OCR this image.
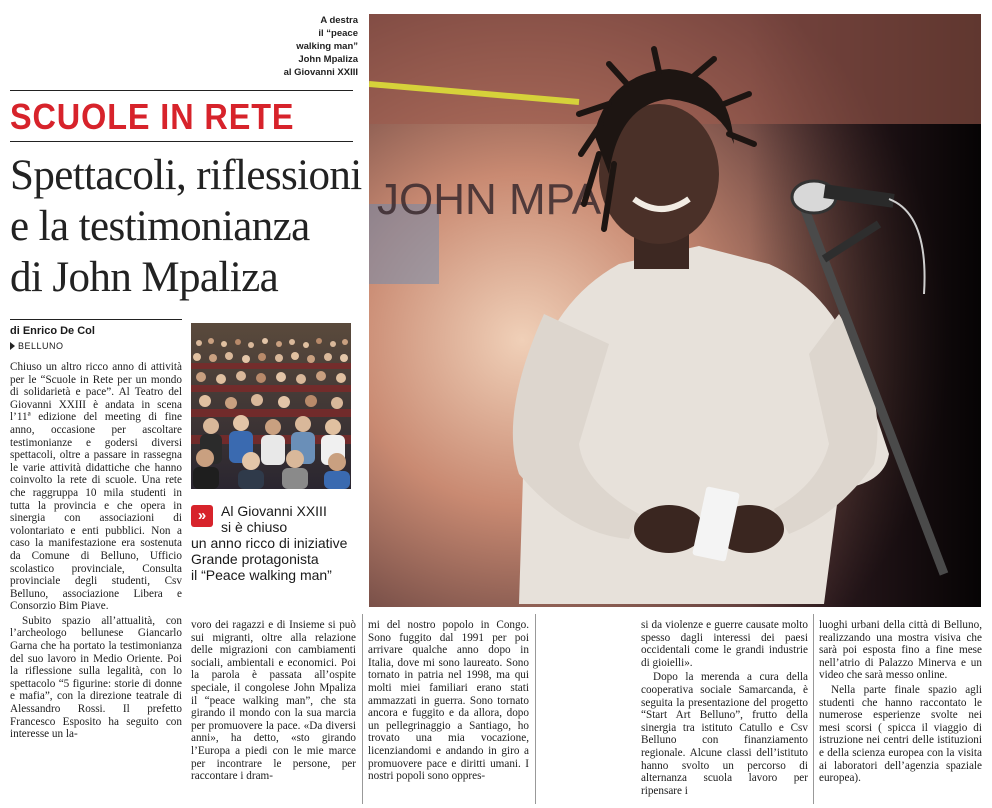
A destra
il “peace
walking man”
John Mpaliza
al Giovanni XXIII
SCUOLE IN RETE
Spettacoli, riflessioni
e la testimonianza
di John Mpaliza
di Enrico De Col
BELLUNO

Chiuso un altro ricco anno di attività per le “Scuole in Rete per un mondo di solidarietà e pace”. Al Teatro del Giovanni XXIII è andata in scena l’11ª edizione del meeting di fine anno, occasione per ascoltare testimonianze e godersi diversi spettacoli, oltre a passare in rassegna le varie attività didattiche che hanno coinvolto la rete di scuole. Una rete che raggruppa 10 mila studenti in tutta la provincia e che opera in sinergia con associazioni di volontariato e enti pubblici. Non a caso la manifestazione era sostenuta da Comune di Belluno, Ufficio scolastico provinciale, Consulta provinciale degli studenti, Csv Belluno, associazione Libera e Consorzio Bim Piave.

Subito spazio all’attualità, con l’archeologo bellunese Giancarlo Garna che ha portato la testimonianza del suo lavoro in Medio Oriente. Poi la riflessione sulla legalità, con lo spettacolo “5 figurine: storie di donne e mafia”, con la direzione teatrale di Alessandro Rossi. Il prefetto Francesco Esposito ha seguito con interesse un la-

»	Al Giovanni XXIII
si è chiuso
un anno ricco di iniziative
Grande protagonista
il “Peace walking man”
JOHN MPA

voro dei ragazzi e di Insieme si può sui migranti, oltre alla relazione delle migrazioni con cambiamenti sociali, ambientali e economici. Poi la parola è passata all’ospite speciale, il congolese John Mpaliza il “peace walking man”, che sta girando il mondo con la sua marcia per promuovere la pace. «Da diversi anni», ha detto, «sto girando l’Europa a piedi con le mie marce per incontrare le persone, per raccontare i dram-

mi del nostro popolo in Congo. Sono fuggito dal 1991 per poi arrivare qualche anno dopo in Italia, dove mi sono laureato. Sono tornato in patria nel 1998, ma qui molti miei familiari erano stati ammazzati in guerra. Sono tornato ancora e fuggito e da allora, dopo un pellegrinaggio a Santiago, ho trovato una mia vocazione, licenziandomi e andando in giro a promuovere pace e diritti umani. I nostri popoli sono oppres-

si da violenze e guerre causate molto spesso dagli interessi dei paesi occidentali come le grandi industrie di gioielli».

Dopo la merenda a cura della cooperativa sociale Samarcanda, è seguita la presentazione del progetto “Start Art Belluno”, frutto della sinergia tra istituto Catullo e Csv Belluno con finanziamento regionale. Alcune classi dell’istituto hanno svolto un percorso di alternanza scuola lavoro per ripensare i

luoghi urbani della città di Belluno, realizzando una mostra visiva che sarà poi esposta fino a fine mese nell’atrio di Palazzo Minerva e un video che sarà messo online.

Nella parte finale spazio agli studenti che hanno raccontato le numerose esperienze svolte nei mesi scorsi ( spicca il viaggio di istruzione nei centri delle istituzioni e della scienza europea con la visita ai laboratori dell’agenzia spaziale europea).
